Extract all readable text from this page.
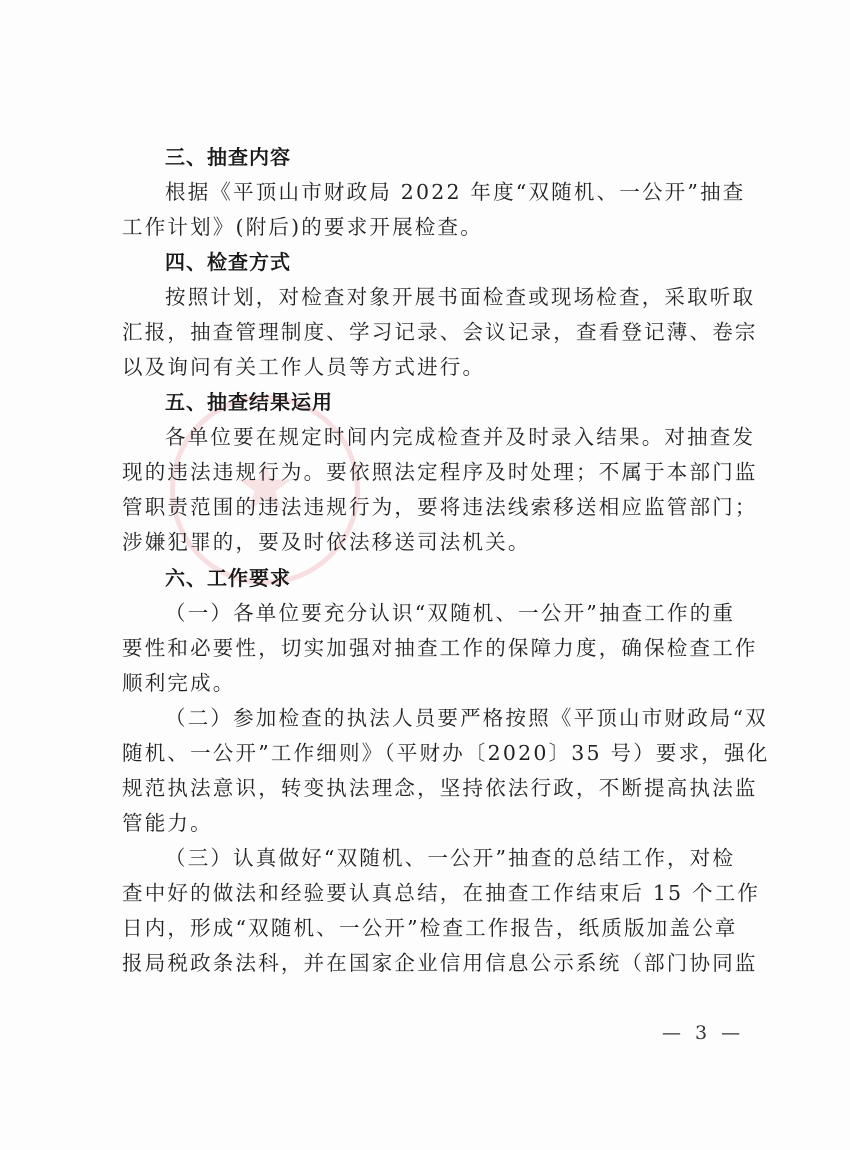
★
三、抽查内容
根据《平顶山市财政局 2022 年度“双随机、一公开”抽查
工作计划》(附后)的要求开展检查。
四、检查方式
按照计划，对检查对象开展书面检查或现场检查，采取听取
汇报，抽查管理制度、学习记录、会议记录，查看登记薄、卷宗
以及询问有关工作人员等方式进行。
五、抽查结果运用
各单位要在规定时间内完成检查并及时录入结果。对抽查发
现的违法违规行为。要依照法定程序及时处理；不属于本部门监
管职责范围的违法违规行为，要将违法线索移送相应监管部门；
涉嫌犯罪的，要及时依法移送司法机关。
六、工作要求
（一）各单位要充分认识“双随机、一公开”抽查工作的重
要性和必要性，切实加强对抽查工作的保障力度，确保检查工作
顺利完成。
（二）参加检查的执法人员要严格按照《平顶山市财政局“双
随机、一公开”工作细则》（平财办〔2020〕35 号）要求，强化
规范执法意识，转变执法理念，坚持依法行政，不断提高执法监
管能力。
（三）认真做好“双随机、一公开”抽查的总结工作，对检
查中好的做法和经验要认真总结，在抽查工作结束后 15 个工作
日内，形成“双随机、一公开”检查工作报告，纸质版加盖公章
报局税政条法科，并在国家企业信用信息公示系统（部门协同监
— 3 —
